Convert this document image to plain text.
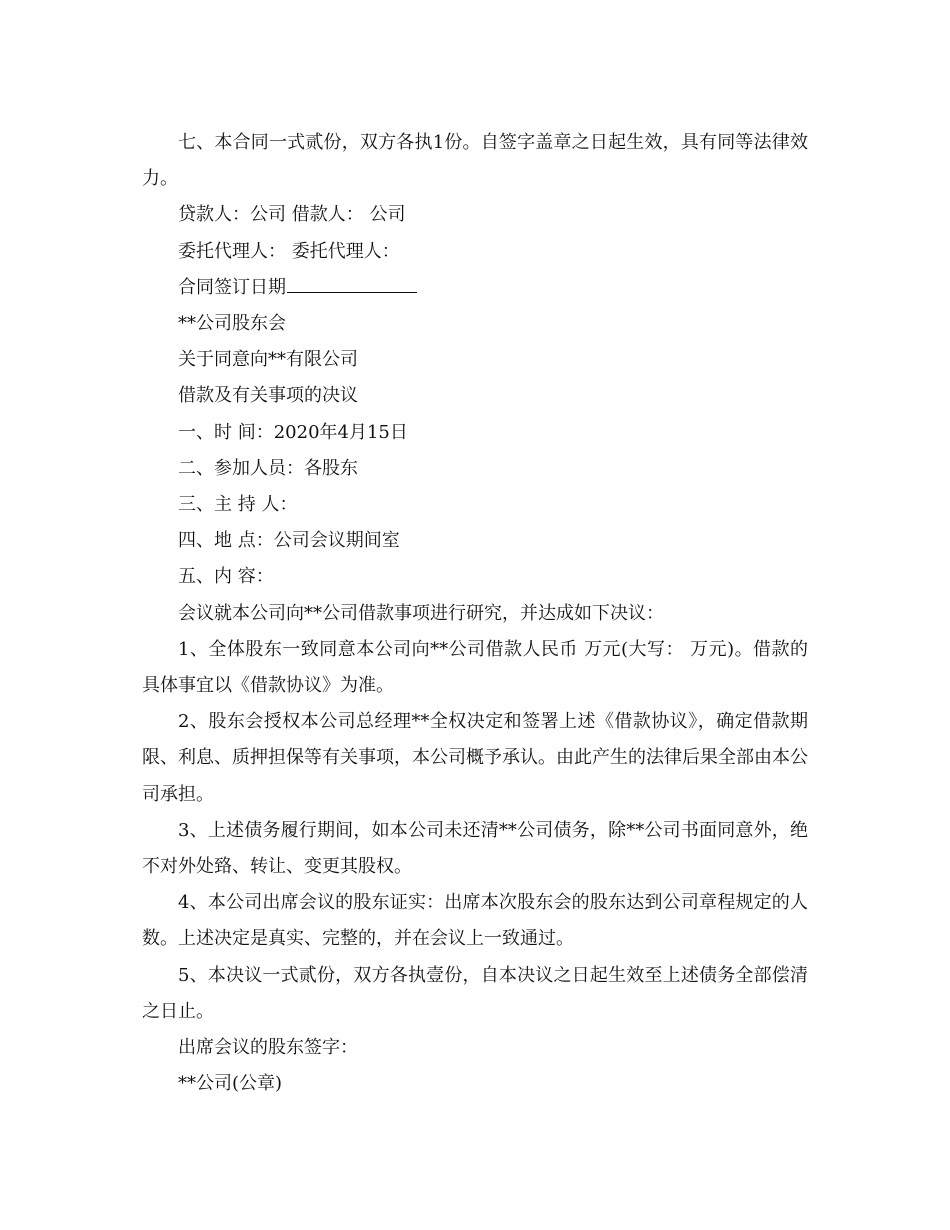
七、本合同一式贰份，双方各执1份。自签字盖章之日起生效，具有同等法律效力。

贷款人：公司 借款人： 公司

委托代理人： 委托代理人：

合同签订日期

**公司股东会

关于同意向**有限公司

借款及有关事项的决议

一、时 间：2020年4月15日

二、参加人员：各股东

三、主 持 人：

四、地 点：公司会议期间室

五、内 容：

会议就本公司向**公司借款事项进行研究，并达成如下决议：

1、全体股东一致同意本公司向**公司借款人民币 万元(大写： 万元)。借款的具体事宜以《借款协议》为准。

2、股东会授权本公司总经理**全权决定和签署上述《借款协议》，确定借款期限、利息、质押担保等有关事项，本公司概予承认。由此产生的法律后果全部由本公司承担。

3、上述债务履行期间，如本公司未还清**公司债务，除**公司书面同意外，绝不对外处臵、转让、变更其股权。

4、本公司出席会议的股东证实：出席本次股东会的股东达到公司章程规定的人数。上述决定是真实、完整的，并在会议上一致通过。

5、本决议一式贰份，双方各执壹份，自本决议之日起生效至上述债务全部偿清之日止。

出席会议的股东签字：

**公司(公章)
